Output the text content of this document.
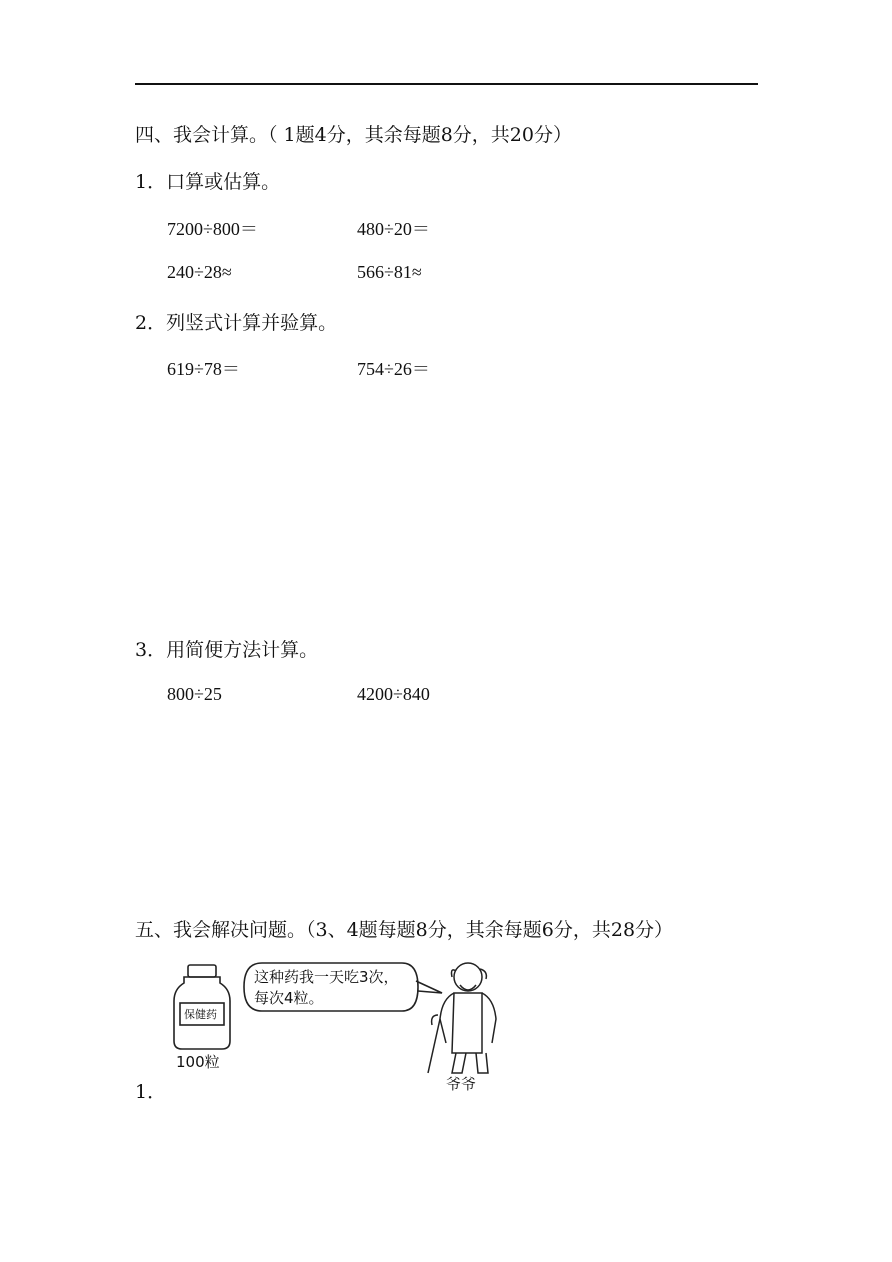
四、我会计算。（ 1题4分，其余每题8分，共20分）
1．口算或估算。
7200÷800＝	480÷20＝
240÷28≈	566÷81≈
2．列竖式计算并验算。
619÷78＝	754÷26＝
3．用简便方法计算。
800÷25	4200÷840
五、我会解决问题。（3、4题每题8分，其余每题6分，共28分）
保健药
100粒
这种药我一天吃3次，
每次4粒。
爷爷
1．
